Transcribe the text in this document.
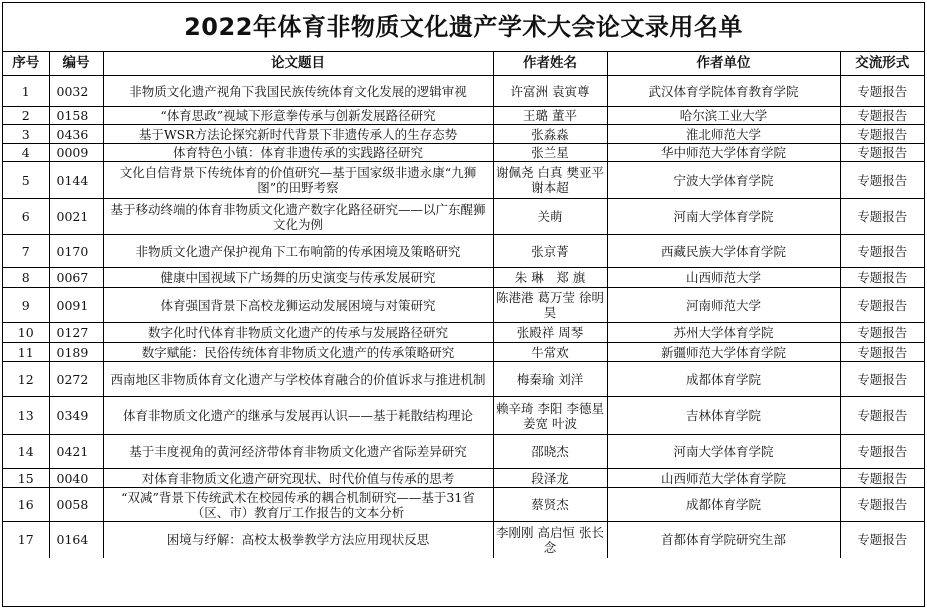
2022年体育非物质文化遗产学术大会论文录用名单
序号	编号	论文题目	作者姓名	作者单位	交流形式
1	0032	非物质文化遗产视角下我国民族传统体育文化发展的逻辑审视	许富洲 袁寅尊	武汉体育学院体育教育学院	专题报告
2	0158	“体育思政”视域下形意拳传承与创新发展路径研究	王璐 董平	哈尔滨工业大学	专题报告
3	0436	基于WSR方法论探究新时代背景下非遗传承人的生存态势	张淼淼	淮北师范大学	专题报告
4	0009	体育特色小镇：体育非遗传承的实践路径研究	张兰星	华中师范大学体育学院	专题报告
5	0144	文化自信背景下传统体育的价值研究—基于国家级非遗永康“九狮图”的田野考察	谢佩尧 白真 樊亚平 谢本超	宁波大学体育学院	专题报告
6	0021	基于移动终端的体育非物质文化遗产数字化路径研究——以广东醒狮文化为例	关萌	河南大学体育学院	专题报告
7	0170	非物质文化遗产保护视角下工布响箭的传承困境及策略研究	张京菁	西藏民族大学体育学院	专题报告
8	0067	健康中国视域下广场舞的历史演变与传承发展研究	朱 琳　郑 旗	山西师范大学	专题报告
9	0091	体育强国背景下高校龙狮运动发展困境与对策研究	陈港港 葛万莹 徐明昊	河南师范大学	专题报告
10	0127	数字化时代体育非物质文化遗产的传承与发展路径研究	张殿祥 周琴	苏州大学体育学院	专题报告
11	0189	数字赋能：民俗传统体育非物质文化遗产的传承策略研究	牛常欢	新疆师范大学体育学院	专题报告
12	0272	西南地区非物质体育文化遗产与学校体育融合的价值诉求与推进机制	梅秦瑜 刘洋	成都体育学院	专题报告
13	0349	体育非物质文化遗产的继承与发展再认识——基于耗散结构理论	赖辛琦 李阳 李德星 姜宽 叶波	吉林体育学院	专题报告
14	0421	基于丰度视角的黄河经济带体育非物质文化遗产省际差异研究	邵晓杰	河南大学体育学院	专题报告
15	0040	对体育非物质文化遗产研究现状、时代价值与传承的思考	段泽龙	山西师范大学体育学院	专题报告
16	0058	“双减”背景下传统武术在校园传承的耦合机制研究——基于31省（区、市）教育厅工作报告的文本分析	蔡贤杰	成都体育学院	专题报告
17	0164	困境与纾解：高校太极拳教学方法应用现状反思	李刚刚 高启恒 张长念	首都体育学院研究生部	专题报告
